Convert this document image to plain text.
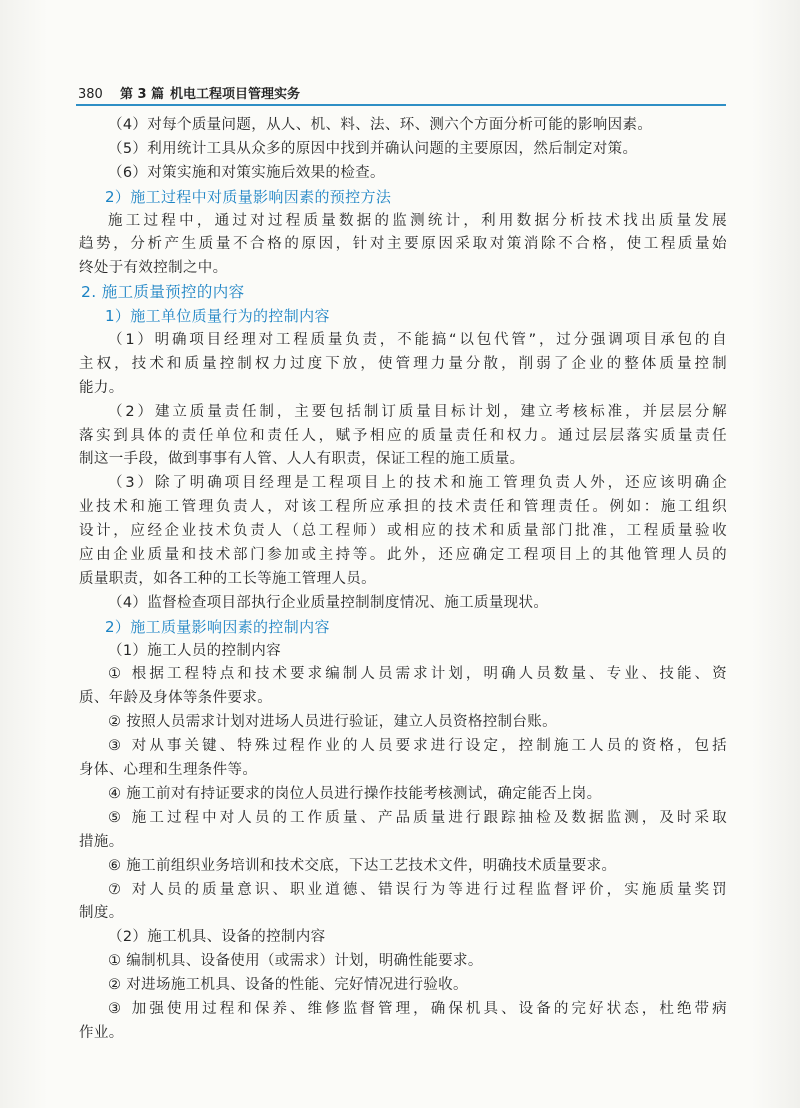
380 第 3 篇 机电工程项目管理实务
（4）对每个质量问题，从人、机、料、法、环、测六个方面分析可能的影响因素。
（5）利用统计工具从众多的原因中找到并确认问题的主要原因，然后制定对策。
（6）对策实施和对策实施后效果的检查。
2）施工过程中对质量影响因素的预控方法
施工过程中，通过对过程质量数据的监测统计，利用数据分析技术找出质量发展
趋势，分析产生质量不合格的原因，针对主要原因采取对策消除不合格，使工程质量始
终处于有效控制之中。
2. 施工质量预控的内容
1）施工单位质量行为的控制内容
（1）明确项目经理对工程质量负责，不能搞“以包代管”，过分强调项目承包的自
主权，技术和质量控制权力过度下放，使管理力量分散，削弱了企业的整体质量控制
能力。
（2）建立质量责任制，主要包括制订质量目标计划，建立考核标准，并层层分解
落实到具体的责任单位和责任人，赋予相应的质量责任和权力。通过层层落实质量责任
制这一手段，做到事事有人管、人人有职责，保证工程的施工质量。
（3）除了明确项目经理是工程项目上的技术和施工管理负责人外，还应该明确企
业技术和施工管理负责人，对该工程所应承担的技术责任和管理责任。例如：施工组织
设计，应经企业技术负责人（总工程师）或相应的技术和质量部门批准，工程质量验收
应由企业质量和技术部门参加或主持等。此外，还应确定工程项目上的其他管理人员的
质量职责，如各工种的工长等施工管理人员。
（4）监督检查项目部执行企业质量控制制度情况、施工质量现状。
2）施工质量影响因素的控制内容
（1）施工人员的控制内容
① 根据工程特点和技术要求编制人员需求计划，明确人员数量、专业、技能、资
质、年龄及身体等条件要求。
② 按照人员需求计划对进场人员进行验证，建立人员资格控制台账。
③ 对从事关键、特殊过程作业的人员要求进行设定，控制施工人员的资格，包括
身体、心理和生理条件等。
④ 施工前对有持证要求的岗位人员进行操作技能考核测试，确定能否上岗。
⑤ 施工过程中对人员的工作质量、产品质量进行跟踪抽检及数据监测，及时采取
措施。
⑥ 施工前组织业务培训和技术交底，下达工艺技术文件，明确技术质量要求。
⑦ 对人员的质量意识、职业道德、错误行为等进行过程监督评价，实施质量奖罚
制度。
（2）施工机具、设备的控制内容
① 编制机具、设备使用（或需求）计划，明确性能要求。
② 对进场施工机具、设备的性能、完好情况进行验收。
③ 加强使用过程和保养、维修监督管理，确保机具、设备的完好状态，杜绝带病
作业。
